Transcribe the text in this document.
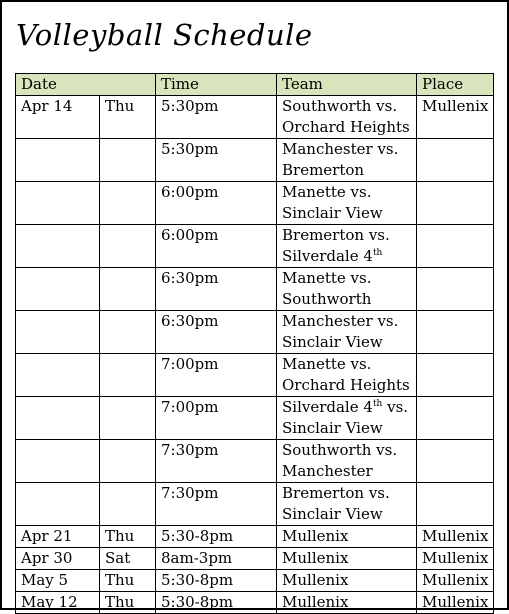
Volleyball Schedule
Date		Time	Team	Place
Apr 14	Thu	5:30pm	Southworth vs.
Orchard Heights	Mullenix
		5:30pm	Manchester vs.
Bremerton	
		6:00pm	Manette vs.
Sinclair View	
		6:00pm	Bremerton vs.
Silverdale 4th	
		6:30pm	Manette vs.
Southworth	
		6:30pm	Manchester vs.
Sinclair View	
		7:00pm	Manette vs.
Orchard Heights	
		7:00pm	Silverdale 4th vs.
Sinclair View	
		7:30pm	Southworth vs.
Manchester	
		7:30pm	Bremerton vs.
Sinclair View	
Apr 21	Thu	5:30-8pm	Mullenix	Mullenix
Apr 30	Sat	8am-3pm	Mullenix	Mullenix
May 5	Thu	5:30-8pm	Mullenix	Mullenix
May 12	Thu	5:30-8pm	Mullenix	Mullenix
